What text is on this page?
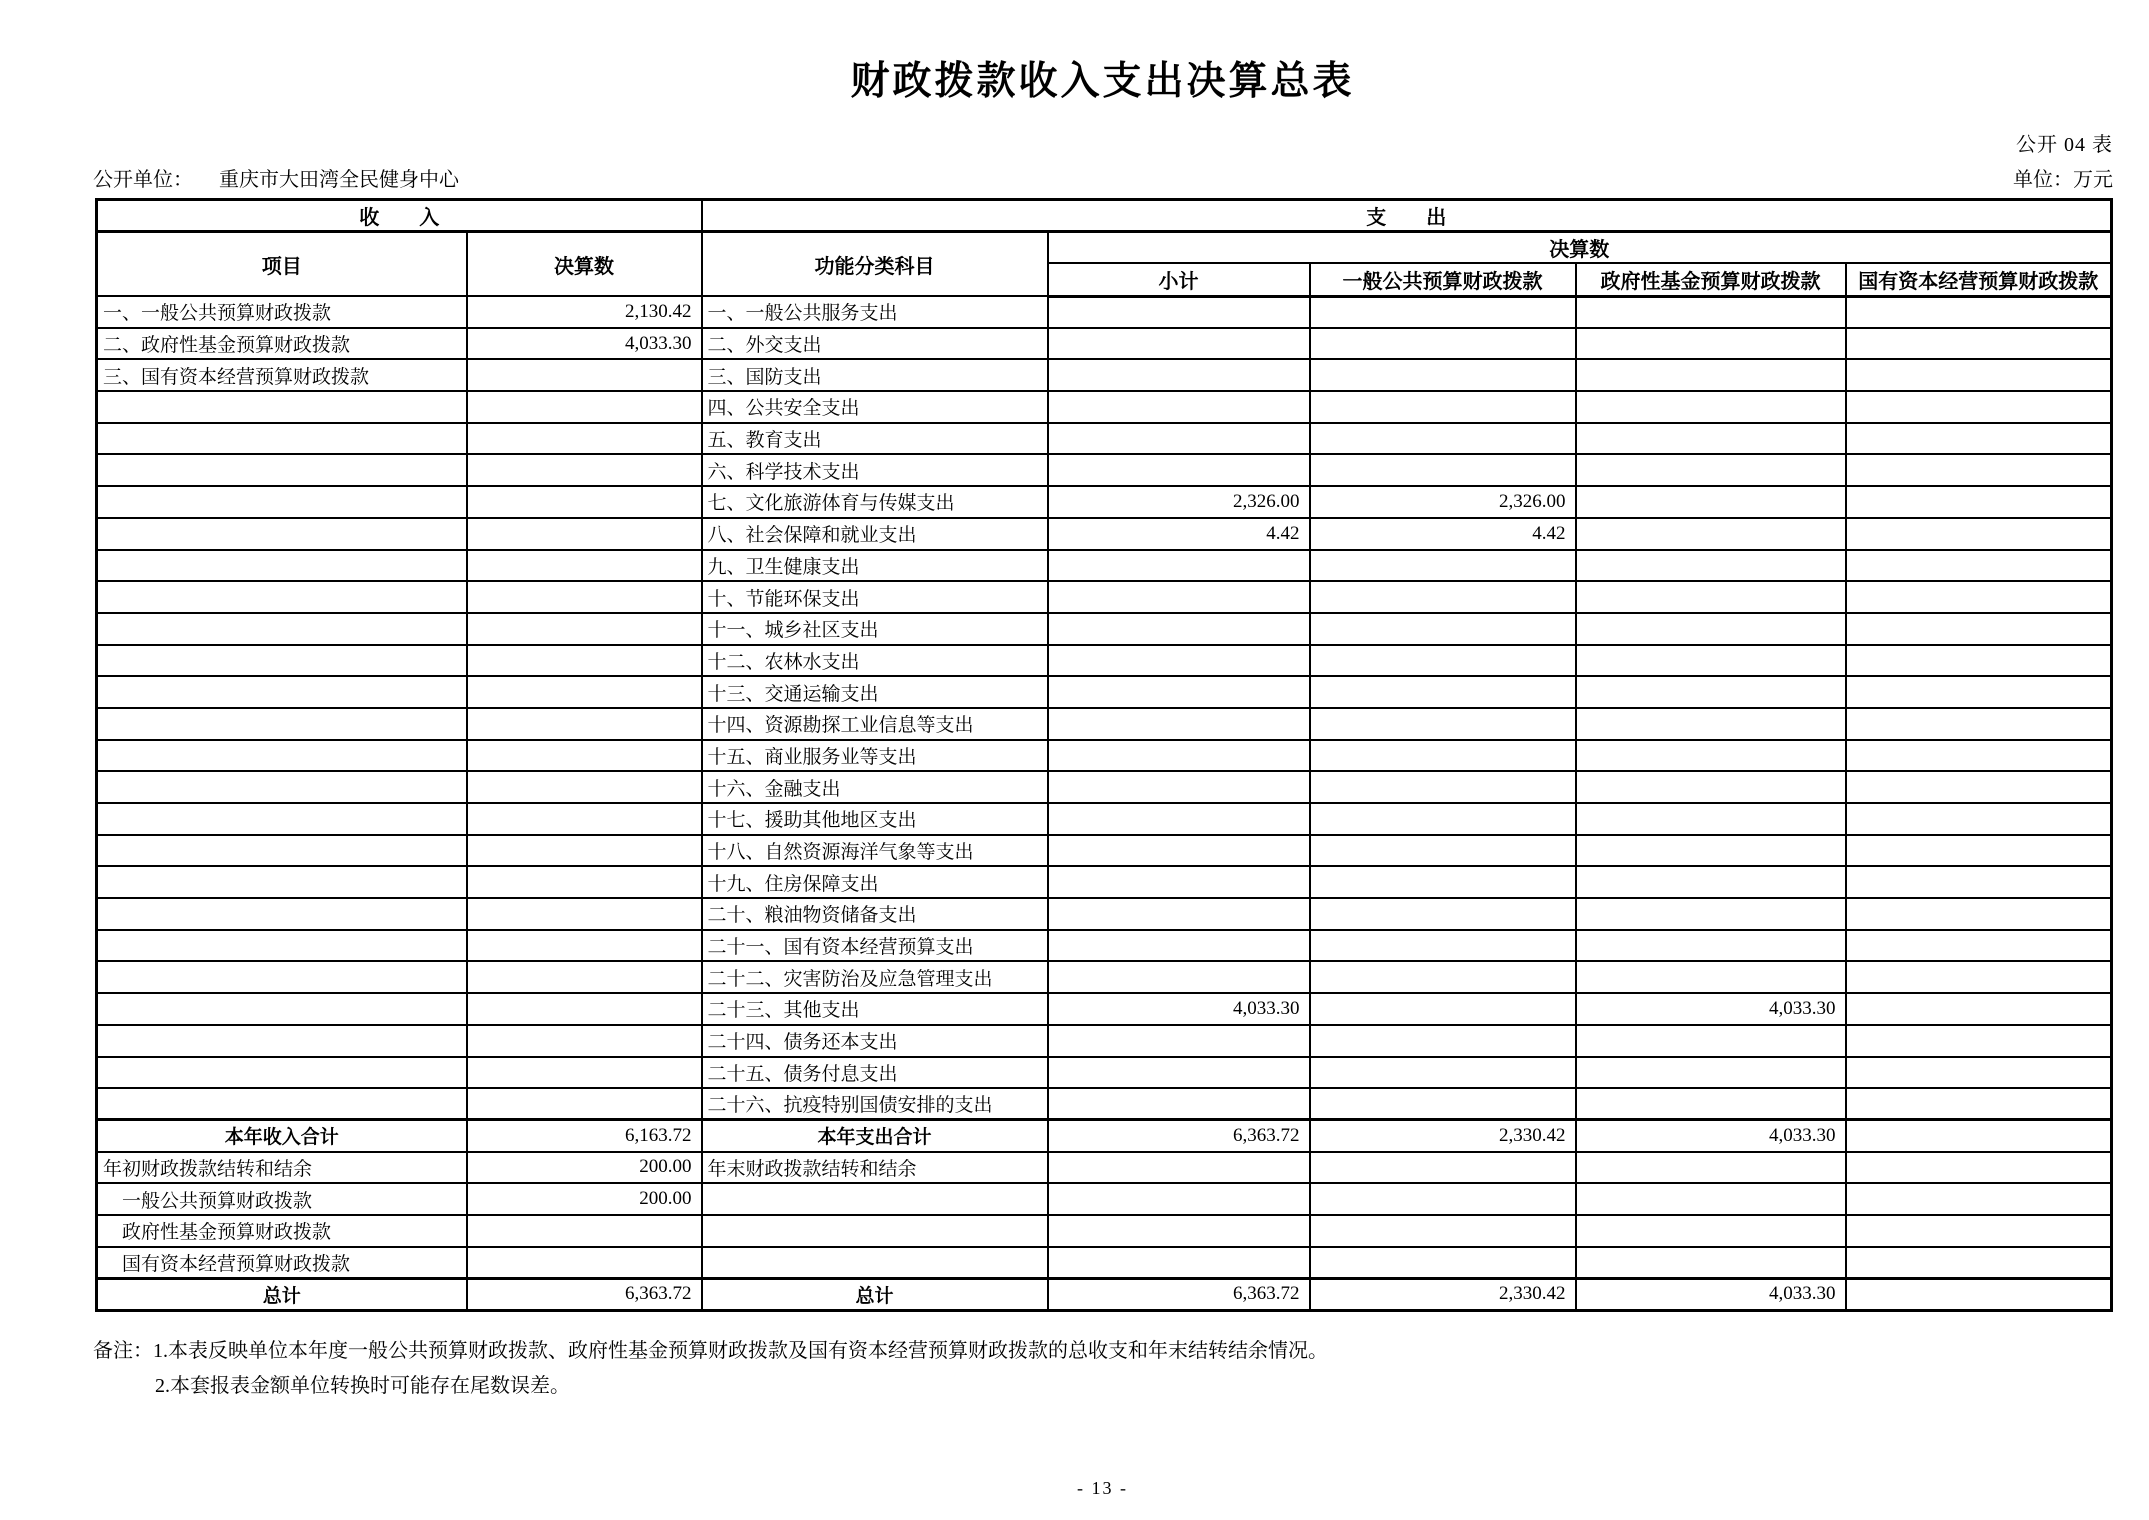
财政拨款收入支出决算总表
公开 04 表
公开单位： 重庆市大田湾全民健身中心	单位：万元
收　　入		支　　出				
项目	决算数	功能分类科目	决算数			
			小计	一般公共预算财政拨款	政府性基金预算财政拨款	国有资本经营预算财政拨款
一、一般公共预算财政拨款	2,130.42	一、一般公共服务支出				
二、政府性基金预算财政拨款	4,033.30	二、外交支出				
三、国有资本经营预算财政拨款		三、国防支出				
		四、公共安全支出				
		五、教育支出				
		六、科学技术支出				
		七、文化旅游体育与传媒支出	2,326.00	2,326.00		
		八、社会保障和就业支出	4.42	4.42		
		九、卫生健康支出				
		十、节能环保支出				
		十一、城乡社区支出				
		十二、农林水支出				
		十三、交通运输支出				
		十四、资源勘探工业信息等支出				
		十五、商业服务业等支出				
		十六、金融支出				
		十七、援助其他地区支出				
		十八、自然资源海洋气象等支出				
		十九、住房保障支出				
		二十、粮油物资储备支出				
		二十一、国有资本经营预算支出				
		二十二、灾害防治及应急管理支出				
		二十三、其他支出	4,033.30		4,033.30	
		二十四、债务还本支出				
		二十五、债务付息支出				
		二十六、抗疫特别国债安排的支出				
本年收入合计	6,163.72	本年支出合计	6,363.72	2,330.42	4,033.30	
年初财政拨款结转和结余	200.00	年末财政拨款结转和结余				
一般公共预算财政拨款	200.00					
政府性基金预算财政拨款						
国有资本经营预算财政拨款						
总计	6,363.72	总计	6,363.72	2,330.42	4,033.30	
备注：1.本表反映单位本年度一般公共预算财政拨款、政府性基金预算财政拨款及国有资本经营预算财政拨款的总收支和年末结转结余情况。
2.本套报表金额单位转换时可能存在尾数误差。
- 13 -
